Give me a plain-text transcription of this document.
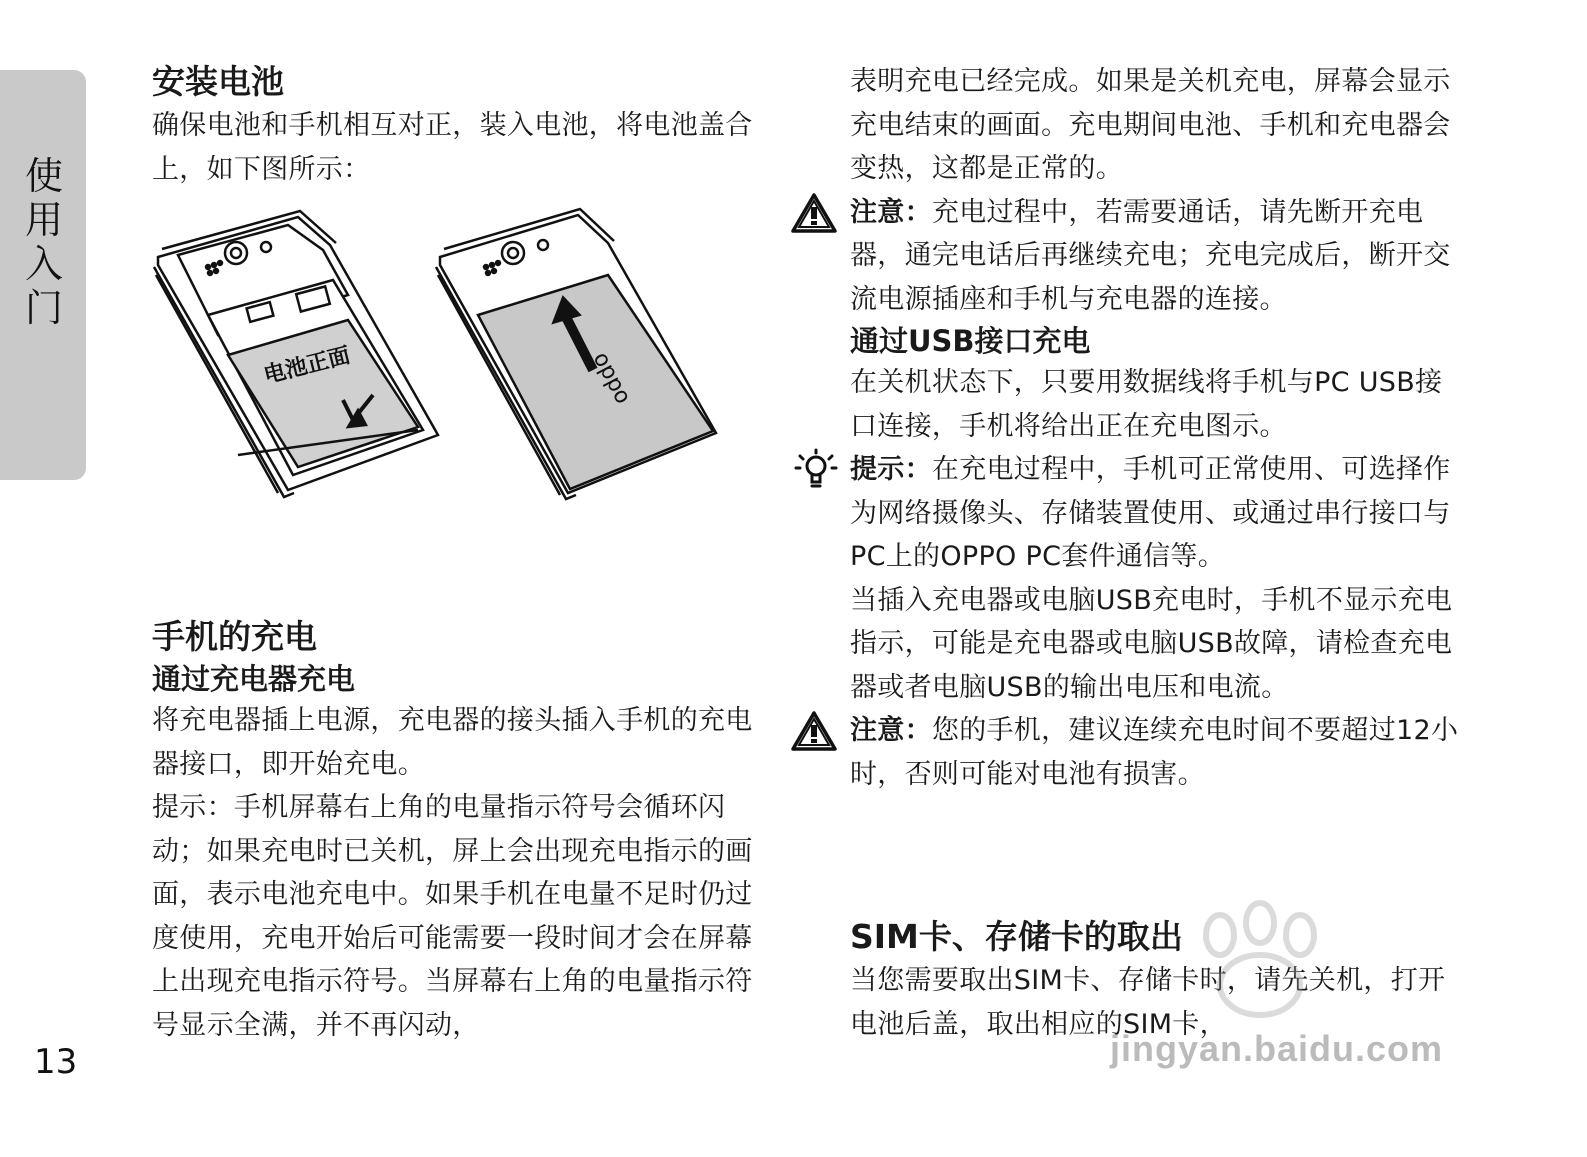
使用入门
13

安装电池

确保电池和手机相互对正，装入电池，将电池盖合上，如下图所示：

电池正面	oppo

手机的充电

通过充电器充电

将充电器插上电源，充电器的接头插入手机的充电器接口，即开始充电。

提示：手机屏幕右上角的电量指示符号会循环闪动；如果充电时已关机，屏上会出现充电指示的画面，表示电池充电中。如果手机在电量不足时仍过度使用，充电开始后可能需要一段时间才会在屏幕上出现充电指示符号。当屏幕右上角的电量指示符号显示全满，并不再闪动，

表明充电已经完成。如果是关机充电，屏幕会显示充电结束的画面。充电期间电池、手机和充电器会变热，这都是正常的。

注意：充电过程中，若需要通话，请先断开充电器，通完电话后再继续充电；充电完成后，断开交流电源插座和手机与充电器的连接。

通过USB接口充电

在关机状态下，只要用数据线将手机与PC USB接口连接，手机将给出正在充电图示。

提示：在充电过程中，手机可正常使用、可选择作为网络摄像头、存储装置使用、或通过串行接口与PC上的OPPO PC套件通信等。

当插入充电器或电脑USB充电时，手机不显示充电指示，可能是充电器或电脑USB故障，请检查充电器或者电脑USB的输出电压和电流。

注意：您的手机，建议连续充电时间不要超过12小时，否则可能对电池有损害。

SIM卡、存储卡的取出

当您需要取出SIM卡、存储卡时，请先关机，打开电池后盖，取出相应的SIM卡，

jingyan.baidu.com
